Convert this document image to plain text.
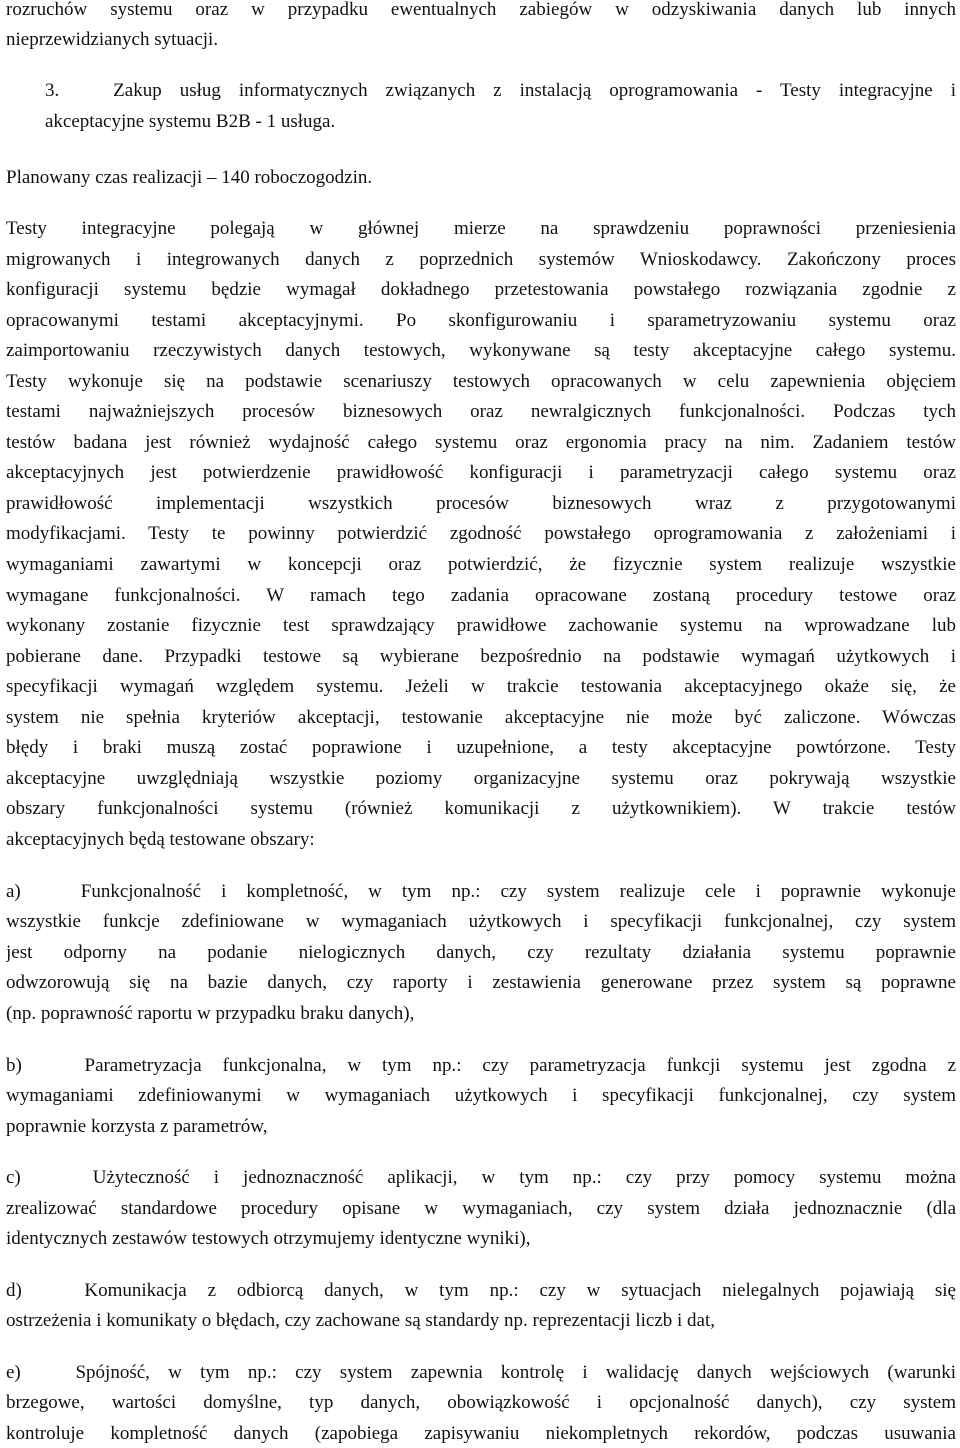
rozruchów systemu oraz w przypadku ewentualnych zabiegów w odzyskiwania danych lub innych
nieprzewidzianych sytuacji.
3.   Zakup usług informatycznych związanych z instalacją oprogramowania - Testy integracyjne i
akceptacyjne systemu B2B - 1 usługa.
Planowany czas realizacji – 140 roboczogodzin.
Testy integracyjne polegają w głównej mierze na sprawdzeniu poprawności przeniesienia
migrowanych i integrowanych danych z poprzednich systemów Wnioskodawcy. Zakończony proces
konfiguracji systemu będzie wymagał dokładnego przetestowania powstałego rozwiązania zgodnie z
opracowanymi testami akceptacyjnymi. Po skonfigurowaniu i sparametryzowaniu systemu oraz
zaimportowaniu rzeczywistych danych testowych, wykonywane są testy akceptacyjne całego systemu.
Testy wykonuje się na podstawie scenariuszy testowych opracowanych w celu zapewnienia objęciem
testami najważniejszych procesów biznesowych oraz newralgicznych funkcjonalności. Podczas tych
testów badana jest również wydajność całego systemu oraz ergonomia pracy na nim. Zadaniem testów
akceptacyjnych jest potwierdzenie prawidłowość konfiguracji i parametryzacji całego systemu oraz
prawidłowość implementacji wszystkich procesów biznesowych wraz z przygotowanymi
modyfikacjami. Testy te powinny potwierdzić zgodność powstałego oprogramowania z założeniami i
wymaganiami zawartymi w koncepcji oraz potwierdzić, że fizycznie system realizuje wszystkie
wymagane funkcjonalności. W ramach tego zadania opracowane zostaną procedury testowe oraz
wykonany zostanie fizycznie test sprawdzający prawidłowe zachowanie systemu na wprowadzane lub
pobierane dane. Przypadki testowe są wybierane bezpośrednio na podstawie wymagań użytkowych i
specyfikacji wymagań względem systemu. Jeżeli w trakcie testowania akceptacyjnego okaże się, że
system nie spełnia kryteriów akceptacji, testowanie akceptacyjne nie może być zaliczone. Wówczas
błędy i braki muszą zostać poprawione i uzupełnione, a testy akceptacyjne powtórzone. Testy
akceptacyjne uwzględniają wszystkie poziomy organizacyjne systemu oraz pokrywają wszystkie
obszary funkcjonalności systemu (również komunikacji z użytkownikiem). W trakcie testów
akceptacyjnych będą testowane obszary:
a)   Funkcjonalność i kompletność, w tym np.: czy system realizuje cele i poprawnie wykonuje
wszystkie funkcje zdefiniowane w wymaganiach użytkowych i specyfikacji funkcjonalnej, czy system
jest odporny na podanie nielogicznych danych, czy rezultaty działania systemu poprawnie
odwzorowują się na bazie danych, czy raporty i zestawienia generowane przez system są poprawne
(np. poprawność raportu w przypadku braku danych),
b)   Parametryzacja funkcjonalna, w tym np.: czy parametryzacja funkcji systemu jest zgodna z
wymaganiami zdefiniowanymi w wymaganiach użytkowych i specyfikacji funkcjonalnej, czy system
poprawnie korzysta z parametrów,
c)   Użyteczność i jednoznaczność aplikacji, w tym np.: czy przy pomocy systemu można
zrealizować standardowe procedury opisane w wymaganiach, czy system działa jednoznacznie (dla
identycznych zestawów testowych otrzymujemy identyczne wyniki),
d)   Komunikacja z odbiorcą danych, w tym np.: czy w sytuacjach nielegalnych pojawiają się
ostrzeżenia i komunikaty o błędach, czy zachowane są standardy np. reprezentacji liczb i dat,
e)   Spójność, w tym np.: czy system zapewnia kontrolę i walidację danych wejściowych (warunki
brzegowe, wartości domyślne, typ danych, obowiązkowość i opcjonalność danych), czy system
kontroluje kompletność danych (zapobiega zapisywaniu niekompletnych rekordów, podczas usuwania
